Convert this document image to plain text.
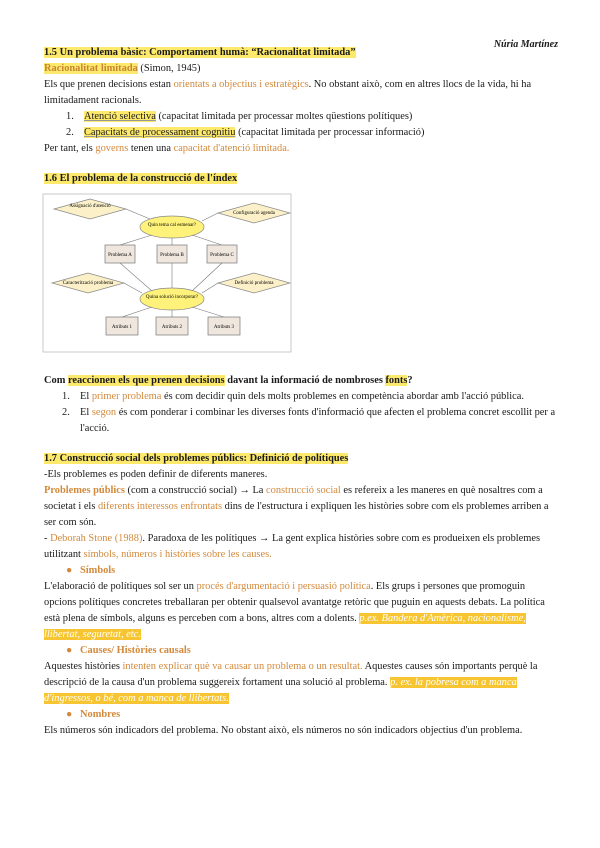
Núria Martínez

1.5 Un problema bàsic: Comportament humà: “Racionalitat limitada”

Racionalitat limitada (Simon, 1945)

Els que prenen decisions estan orientats a objectius i estratègics. No obstant això, com en altres llocs de la vida, hi ha limitadament racionals.

1. Atenció selectiva (capacitat limitada per processar moltes qüestions polítiques)
2. Capacitats de processament cognitiu (capacitat limitada per processar informació)

Per tant, els governs tenen una capacitat d'atenció limitada.

1.6 El problema de la construcció de l'índex

Assignació d'atenció
Configuració agenda
Quin tema cal esmenar?
Problema A	Problema B	Problema C
Caracterització problema	Definició problema
Quina solució incorporar?
Atributs 1	Atributs 2	Atributs 3

Com reaccionen els que prenen decisions davant la informació de nombroses fonts?

1. El primer problema és com decidir quin dels molts problemes en competència abordar amb l'acció pública.
2. El segon és com ponderar i combinar les diverses fonts d'informació que afecten el problema concret escollit per a l'acció.

1.7 Construcció social dels problemes públics: Definició de polítiques

-Els problemes es poden definir de diferents maneres.

Problemes públics (com a construcció social) → La construcció social es refereix a les maneres en què nosaltres com a societat i els diferents interessos enfrontats dins de l'estructura i expliquen les històries sobre com els problemes arriben a ser com són.

- Deborah Stone (1988). Paradoxa de les polítiques → La gent explica històries sobre com es produeixen els problemes utilitzant símbols, números i històries sobre les causes.

● Símbols

L'elaboració de polítiques sol ser un procés d'argumentació i persuasió política. Els grups i persones que promoguin opcions polítiques concretes treballaran per obtenir qualsevol avantatge retòric que puguin en aquests debats. La política està plena de símbols, alguns es perceben com a bons, altres com a dolents. p.ex. Bandera d'Amèrica, nacionalisme, llibertat, seguretat, etc.

● Causes/ Històries causals

Aquestes històries intenten explicar què va causar un problema o un resultat. Aquestes causes són importants perquè la descripció de la causa d'un problema suggereix fortament una solució al problema. p. ex. la pobresa com a manca d'ingressos, o bé, com a manca de llibertats.

● Nombres

Els números són indicadors del problema. No obstant això, els números no són indicadors objectius d'un problema.
